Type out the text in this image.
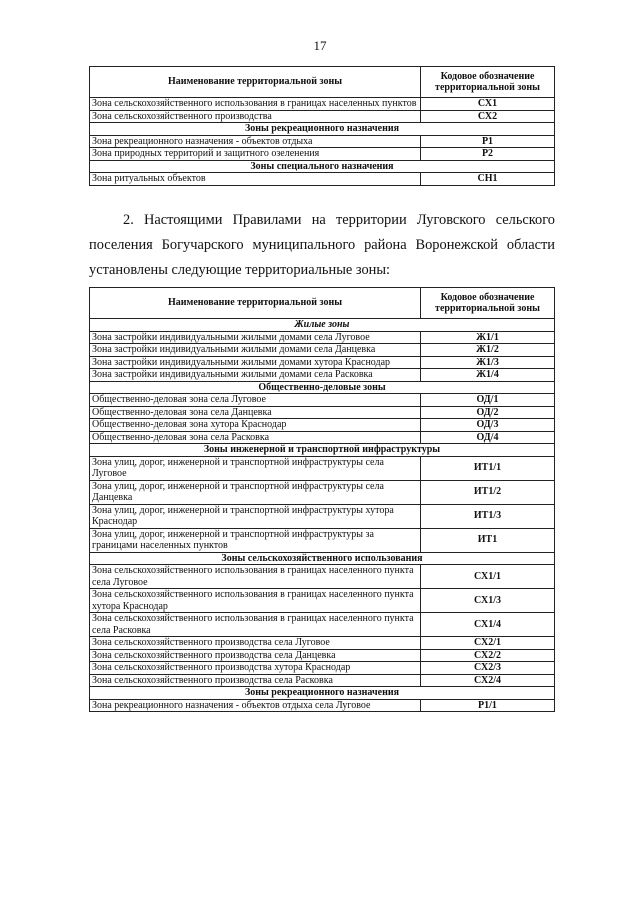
17
Наименование территориальной зоны	Кодовое обозначение территориальной зоны
Зона сельскохозяйственного использования в границах населенных пунктов	СХ1
Зона сельскохозяйственного производства	СХ2
Зоны рекреационного назначения	
Зона рекреационного назначения - объектов отдыха	Р1
Зона природных территорий и защитного озеленения	Р2
Зоны специального назначения	
Зона ритуальных объектов	СН1
2. Настоящими Правилами на территории Луговского сельского поселения Богучарского муниципального района Воронежской области установлены следующие территориальные зоны:
Наименование территориальной зоны	Кодовое обозначение территориальной зоны
Жилые зоны	
Зона застройки индивидуальными жилыми домами села Луговое	Ж1/1
Зона застройки индивидуальными жилыми домами села Данцевка	Ж1/2
Зона застройки индивидуальными жилыми домами хутора Краснодар	Ж1/3
Зона застройки индивидуальными жилыми домами села Расковка	Ж1/4
Общественно-деловые зоны	
Общественно-деловая зона села Луговое	ОД/1
Общественно-деловая зона села Данцевка	ОД/2
Общественно-деловая зона хутора Краснодар	ОД/3
Общественно-деловая зона села Расковка	ОД/4
Зоны инженерной и транспортной инфраструктуры	
Зона улиц, дорог, инженерной и транспортной инфраструктуры села Луговое	ИТ1/1
Зона улиц, дорог, инженерной и транспортной инфраструктуры села Данцевка	ИТ1/2
Зона улиц, дорог, инженерной и транспортной инфраструктуры хутора Краснодар	ИТ1/3
Зона улиц, дорог, инженерной и транспортной инфраструктуры за границами населенных пунктов	ИТ1
Зоны сельскохозяйственного использования	
Зона сельскохозяйственного использования в границах населенного пункта села Луговое	СХ1/1
Зона сельскохозяйственного использования в границах населенного пункта хутора Краснодар	СХ1/3
Зона сельскохозяйственного использования в границах населенного пункта села Расковка	СХ1/4
Зона сельскохозяйственного производства села Луговое	СХ2/1
Зона сельскохозяйственного производства села Данцевка	СХ2/2
Зона сельскохозяйственного производства хутора Краснодар	СХ2/3
Зона сельскохозяйственного производства села Расковка	СХ2/4
Зоны рекреационного назначения	
Зона рекреационного назначения - объектов отдыха села Луговое	Р1/1
